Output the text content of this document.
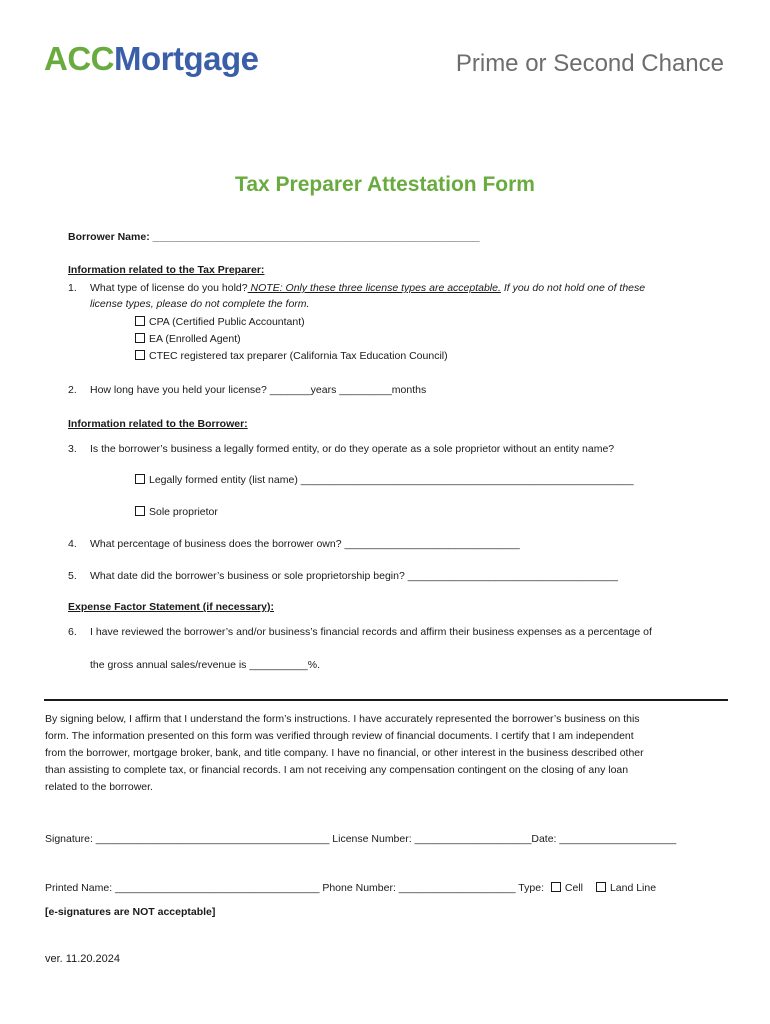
ACCMortgage	Prime or Second Chance
Tax Preparer Attestation Form
Borrower Name: ________________________________________________________
Information related to the Tax Preparer:
1. What type of license do you hold? NOTE: Only these three license types are acceptable. If you do not hold one of these
license types, please do not complete the form.
CPA (Certified Public Accountant)
EA (Enrolled Agent)
CTEC registered tax preparer (California Tax Education Council)
2. How long have you held your license? _______years _________months
Information related to the Borrower:
3. Is the borrower’s business a legally formed entity, or do they operate as a sole proprietor without an entity name?
Legally formed entity (list name) _________________________________________________________
Sole proprietor
4. What percentage of business does the borrower own? ______________________________
5. What date did the borrower’s business or sole proprietorship begin? ____________________________________
Expense Factor Statement (if necessary):
6. I have reviewed the borrower’s and/or business’s financial records and affirm their business expenses as a percentage of
the gross annual sales/revenue is __________%.
By signing below, I affirm that I understand the form’s instructions. I have accurately represented the borrower’s business on this
form. The information presented on this form was verified through review of financial documents. I certify that I am independent
from the borrower, mortgage broker, bank, and title company. I have no financial, or other interest in the business described other
than assisting to complete tax, or financial records. I am not receiving any compensation contingent on the closing of any loan
related to the borrower.
Signature: ________________________________________ License Number: ____________________Date: ____________________
Printed Name: ___________________________________ Phone Number: ____________________ Type: Cell	Land Line
[e-signatures are NOT acceptable]
ver. 11.20.2024
